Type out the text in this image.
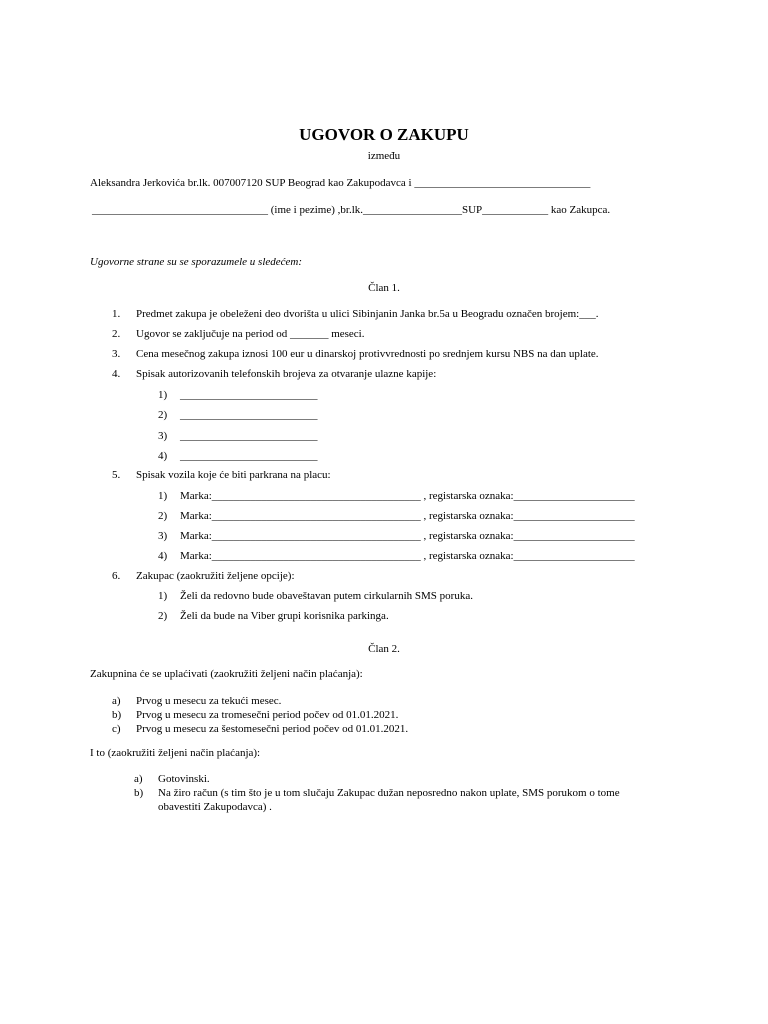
UGOVOR O ZAKUPU
između
Aleksandra Jerkovića br.lk. 007007120 SUP Beograd kao Zakupodavca i ________________________________
________________________________ (ime i pezime) ,br.lk.__________________SUP____________ kao Zakupca.
Ugovorne strane su se sporazumele u sledećem:
Član 1.
1.	Predmet zakupa je obeleženi deo dvorišta u ulici Sibinjanin Janka br.5a u Beogradu označen brojem:___.
2.	Ugovor se zaključuje na period od _______ meseci.
3.	Cena mesečnog zakupa iznosi 100 eur u dinarskoj protivvrednosti po srednjem kursu NBS na dan uplate.
4.	Spisak autorizovanih telefonskih brojeva za otvaranje ulazne kapije:
1)	_________________________
2)	_________________________
3)	_________________________
4)	_________________________
5.	Spisak vozila koje će biti parkrana na placu:
1)	Marka:______________________________________ , registarska oznaka:______________________
2)	Marka:______________________________________ , registarska oznaka:______________________
3)	Marka:______________________________________ , registarska oznaka:______________________
4)	Marka:______________________________________ , registarska oznaka:______________________
6.	Zakupac (zaokružiti željene opcije):
1)	Želi da redovno bude obaveštavan putem cirkularnih SMS poruka.
2)	Želi da bude na Viber grupi korisnika parkinga.
Član 2.
Zakupnina će se uplaćivati (zaokružiti željeni način plaćanja):
a)	Prvog u mesecu za tekući mesec.
b)	Prvog u mesecu za tromesečni period počev od 01.01.2021.
c)	Prvog u mesecu za šestomesečni period počev od 01.01.2021.
I to (zaokružiti željeni način plaćanja):
a)	Gotovinski.
b)	Na žiro račun (s tim što je u tom slučaju Zakupac dužan neposredno nakon uplate, SMS porukom o tome
obavestiti Zakupodavca) .
